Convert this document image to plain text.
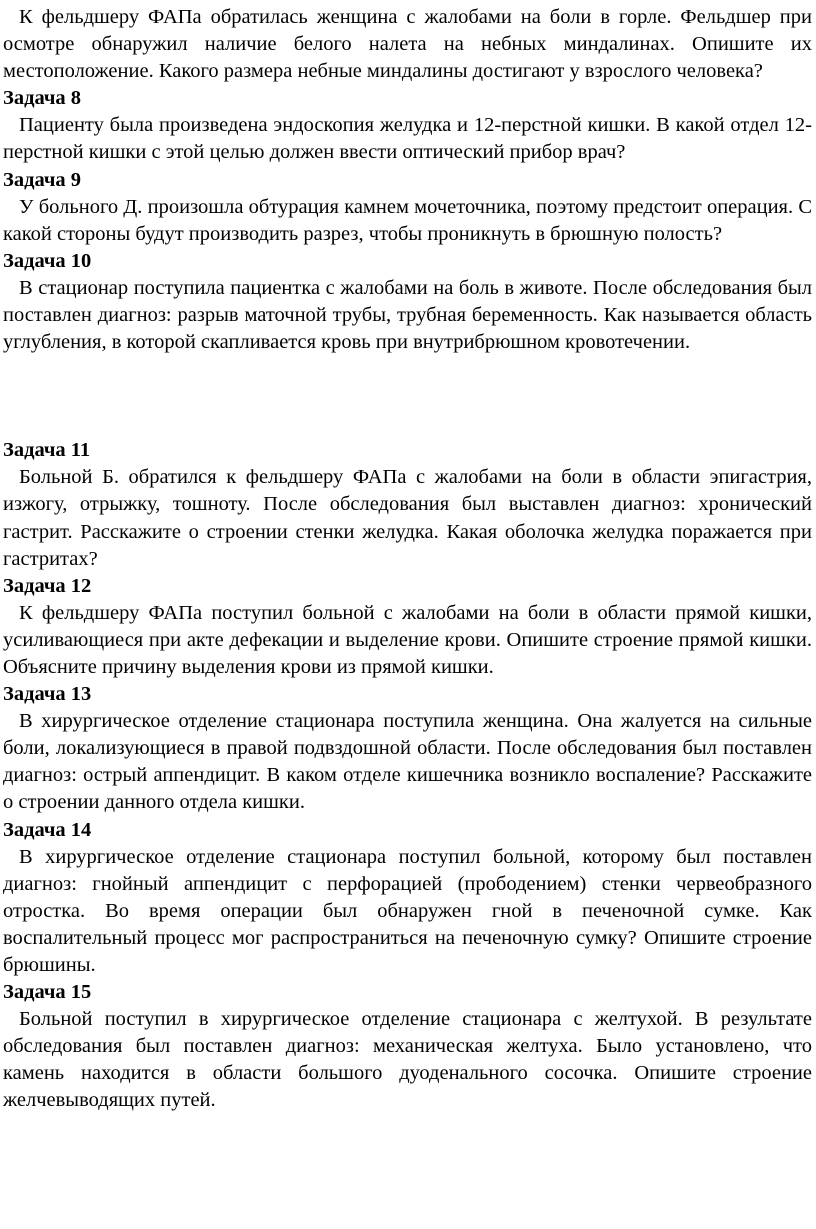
К фельдшеру ФАПа обратилась женщина с жалобами на боли в горле. Фельдшер при осмотре обнаружил наличие белого налета на небных миндалинах. Опишите их местоположение. Какого размера небные миндалины достигают у взрослого человека?

Задача 8

Пациенту была произведена эндоскопия желудка и 12-перстной кишки. В какой отдел 12-перстной кишки с этой целью должен ввести оптический прибор врач?

Задача 9

У больного Д. произошла обтурация камнем мочеточника, поэтому предстоит операция. С какой стороны будут производить разрез, чтобы проникнуть в брюшную полость?

Задача 10

В стационар поступила пациентка с жалобами на боль в животе. После обследования был поставлен диагноз: разрыв маточной трубы, трубная беременность. Как называется область углубления, в которой скапливается кровь при внутрибрюшном кровотечении.

Задача 11

Больной Б. обратился к фельдшеру ФАПа с жалобами на боли в области эпигастрия, изжогу, отрыжку, тошноту. После обследования был выставлен диагноз: хронический гастрит. Расскажите о строении стенки желудка. Какая оболочка желудка поражается при гастритах?

Задача 12

К фельдшеру ФАПа поступил больной с жалобами на боли в области прямой кишки, усиливающиеся при акте дефекации и выделение крови. Опишите строение прямой кишки. Объясните причину выделения крови из прямой кишки.

Задача 13

В хирургическое отделение стационара поступила женщина. Она жалуется на сильные боли, локализующиеся в правой подвздошной области. После обследования был поставлен диагноз: острый аппендицит. В каком отделе кишечника возникло воспаление? Расскажите о строении данного отдела кишки.

Задача 14

В хирургическое отделение стационара поступил больной, которому был поставлен диагноз: гнойный аппендицит с перфорацией (прободением) стенки червеобразного отростка. Во время операции был обнаружен гной в печеночной сумке. Как воспалительный процесс мог распространиться на печеночную сумку? Опишите строение брюшины.

Задача 15

Больной поступил в хирургическое отделение стационара с желтухой. В результате обследования был поставлен диагноз: механическая желтуха. Было установлено, что камень находится в области большого дуоденального сосочка. Опишите строение желчевыводящих путей.
